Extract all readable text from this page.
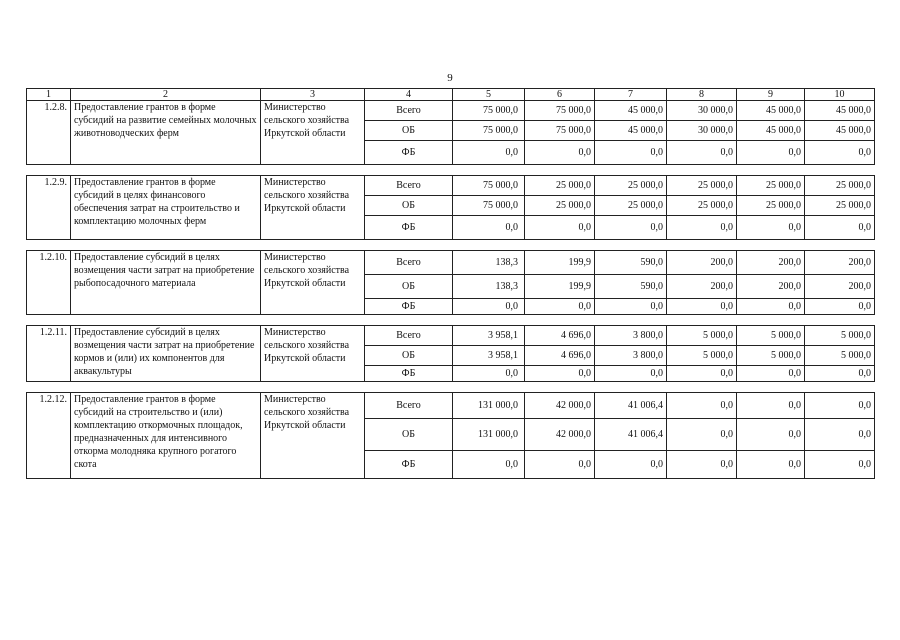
9
1	2	3	4	5	6	7	8	9	10
1.2.8.	Предоставление грантов в форме субсидий на развитие семейных молочных животноводческих ферм	Министерство сельского хозяйства Иркутской области	Всего	75 000,0	75 000,0	45 000,0	30 000,0	45 000,0	45 000,0
			ОБ	75 000,0	75 000,0	45 000,0	30 000,0	45 000,0	45 000,0
			ФБ	0,0	0,0	0,0	0,0	0,0	0,0

1.2.9.	Предоставление грантов в форме субсидий в целях финансового обеспечения затрат на строительство и комплектацию молочных ферм	Министерство сельского хозяйства Иркутской области	Всего	75 000,0	25 000,0	25 000,0	25 000,0	25 000,0	25 000,0
			ОБ	75 000,0	25 000,0	25 000,0	25 000,0	25 000,0	25 000,0
			ФБ	0,0	0,0	0,0	0,0	0,0	0,0

1.2.10.	Предоставление субсидий в целях возмещения части затрат на приобретение рыбопосадочного материала	Министерство сельского хозяйства Иркутской области	Всего	138,3	199,9	590,0	200,0	200,0	200,0
			ОБ	138,3	199,9	590,0	200,0	200,0	200,0
			ФБ	0,0	0,0	0,0	0,0	0,0	0,0

1.2.11.	Предоставление субсидий в целях возмещения части затрат на приобретение кормов и (или) их компонентов для аквакультуры	Министерство сельского хозяйства Иркутской области	Всего	3 958,1	4 696,0	3 800,0	5 000,0	5 000,0	5 000,0
			ОБ	3 958,1	4 696,0	3 800,0	5 000,0	5 000,0	5 000,0
			ФБ	0,0	0,0	0,0	0,0	0,0	0,0

1.2.12.	Предоставление грантов в форме субсидий на строительство и (или) комплектацию откормочных площадок, предназначенных для интенсивного откорма молодняка крупного рогатого скота	Министерство сельского хозяйства Иркутской области	Всего	131 000,0	42 000,0	41 006,4	0,0	0,0	0,0
			ОБ	131 000,0	42 000,0	41 006,4	0,0	0,0	0,0
			ФБ	0,0	0,0	0,0	0,0	0,0	0,0
